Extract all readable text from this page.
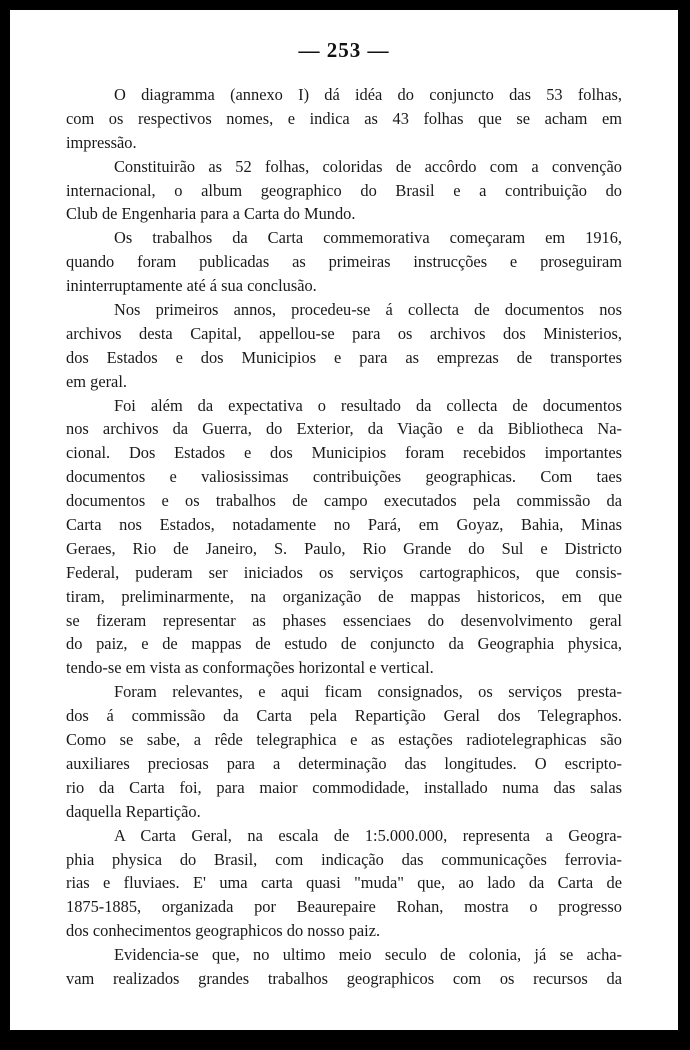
— 253 —
O diagramma (annexo I) dá idéa do conjuncto das 53 folhas,
com os respectivos nomes, e indica as 43 folhas que se acham em
impressão.
Constituirão as 52 folhas, coloridas de accôrdo com a convenção
internacional, o album geographico do Brasil e a contribuição do
Club de Engenharia para a Carta do Mundo.
Os trabalhos da Carta commemorativa começaram em 1916,
quando foram publicadas as primeiras instrucções e proseguiram
ininterruptamente até á sua conclusão.
Nos primeiros annos, procedeu-se á collecta de documentos nos
archivos desta Capital, appellou-se para os archivos dos Ministerios,
dos Estados e dos Municipios e para as emprezas de transportes
em geral.
Foi além da expectativa o resultado da collecta de documentos
nos archivos da Guerra, do Exterior, da Viação e da Bibliotheca Na-
cional. Dos Estados e dos Municipios foram recebidos importantes
documentos e valiosissimas contribuições geographicas. Com taes
documentos e os trabalhos de campo executados pela commissão da
Carta nos Estados, notadamente no Pará, em Goyaz, Bahia, Minas
Geraes, Rio de Janeiro, S. Paulo, Rio Grande do Sul e Districto
Federal, puderam ser iniciados os serviços cartographicos, que consis-
tiram, preliminarmente, na organização de mappas historicos, em que
se fizeram representar as phases essenciaes do desenvolvimento geral
do paiz, e de mappas de estudo de conjuncto da Geographia physica,
tendo-se em vista as conformações horizontal e vertical.
Foram relevantes, e aqui ficam consignados, os serviços presta-
dos á commissão da Carta pela Repartição Geral dos Telegraphos.
Como se sabe, a rêde telegraphica e as estações radiotelegraphicas são
auxiliares preciosas para a determinação das longitudes. O escripto-
rio da Carta foi, para maior commodidade, installado numa das salas
daquella Repartição.
A Carta Geral, na escala de 1:5.000.000, representa a Geogra-
phia physica do Brasil, com indicação das communicações ferrovia-
rias e fluviaes. E' uma carta quasi "muda" que, ao lado da Carta de
1875-1885, organizada por Beaurepaire Rohan, mostra o progresso
dos conhecimentos geographicos do nosso paiz.
Evidencia-se que, no ultimo meio seculo de colonia, já se acha-
vam realizados grandes trabalhos geographicos com os recursos da
